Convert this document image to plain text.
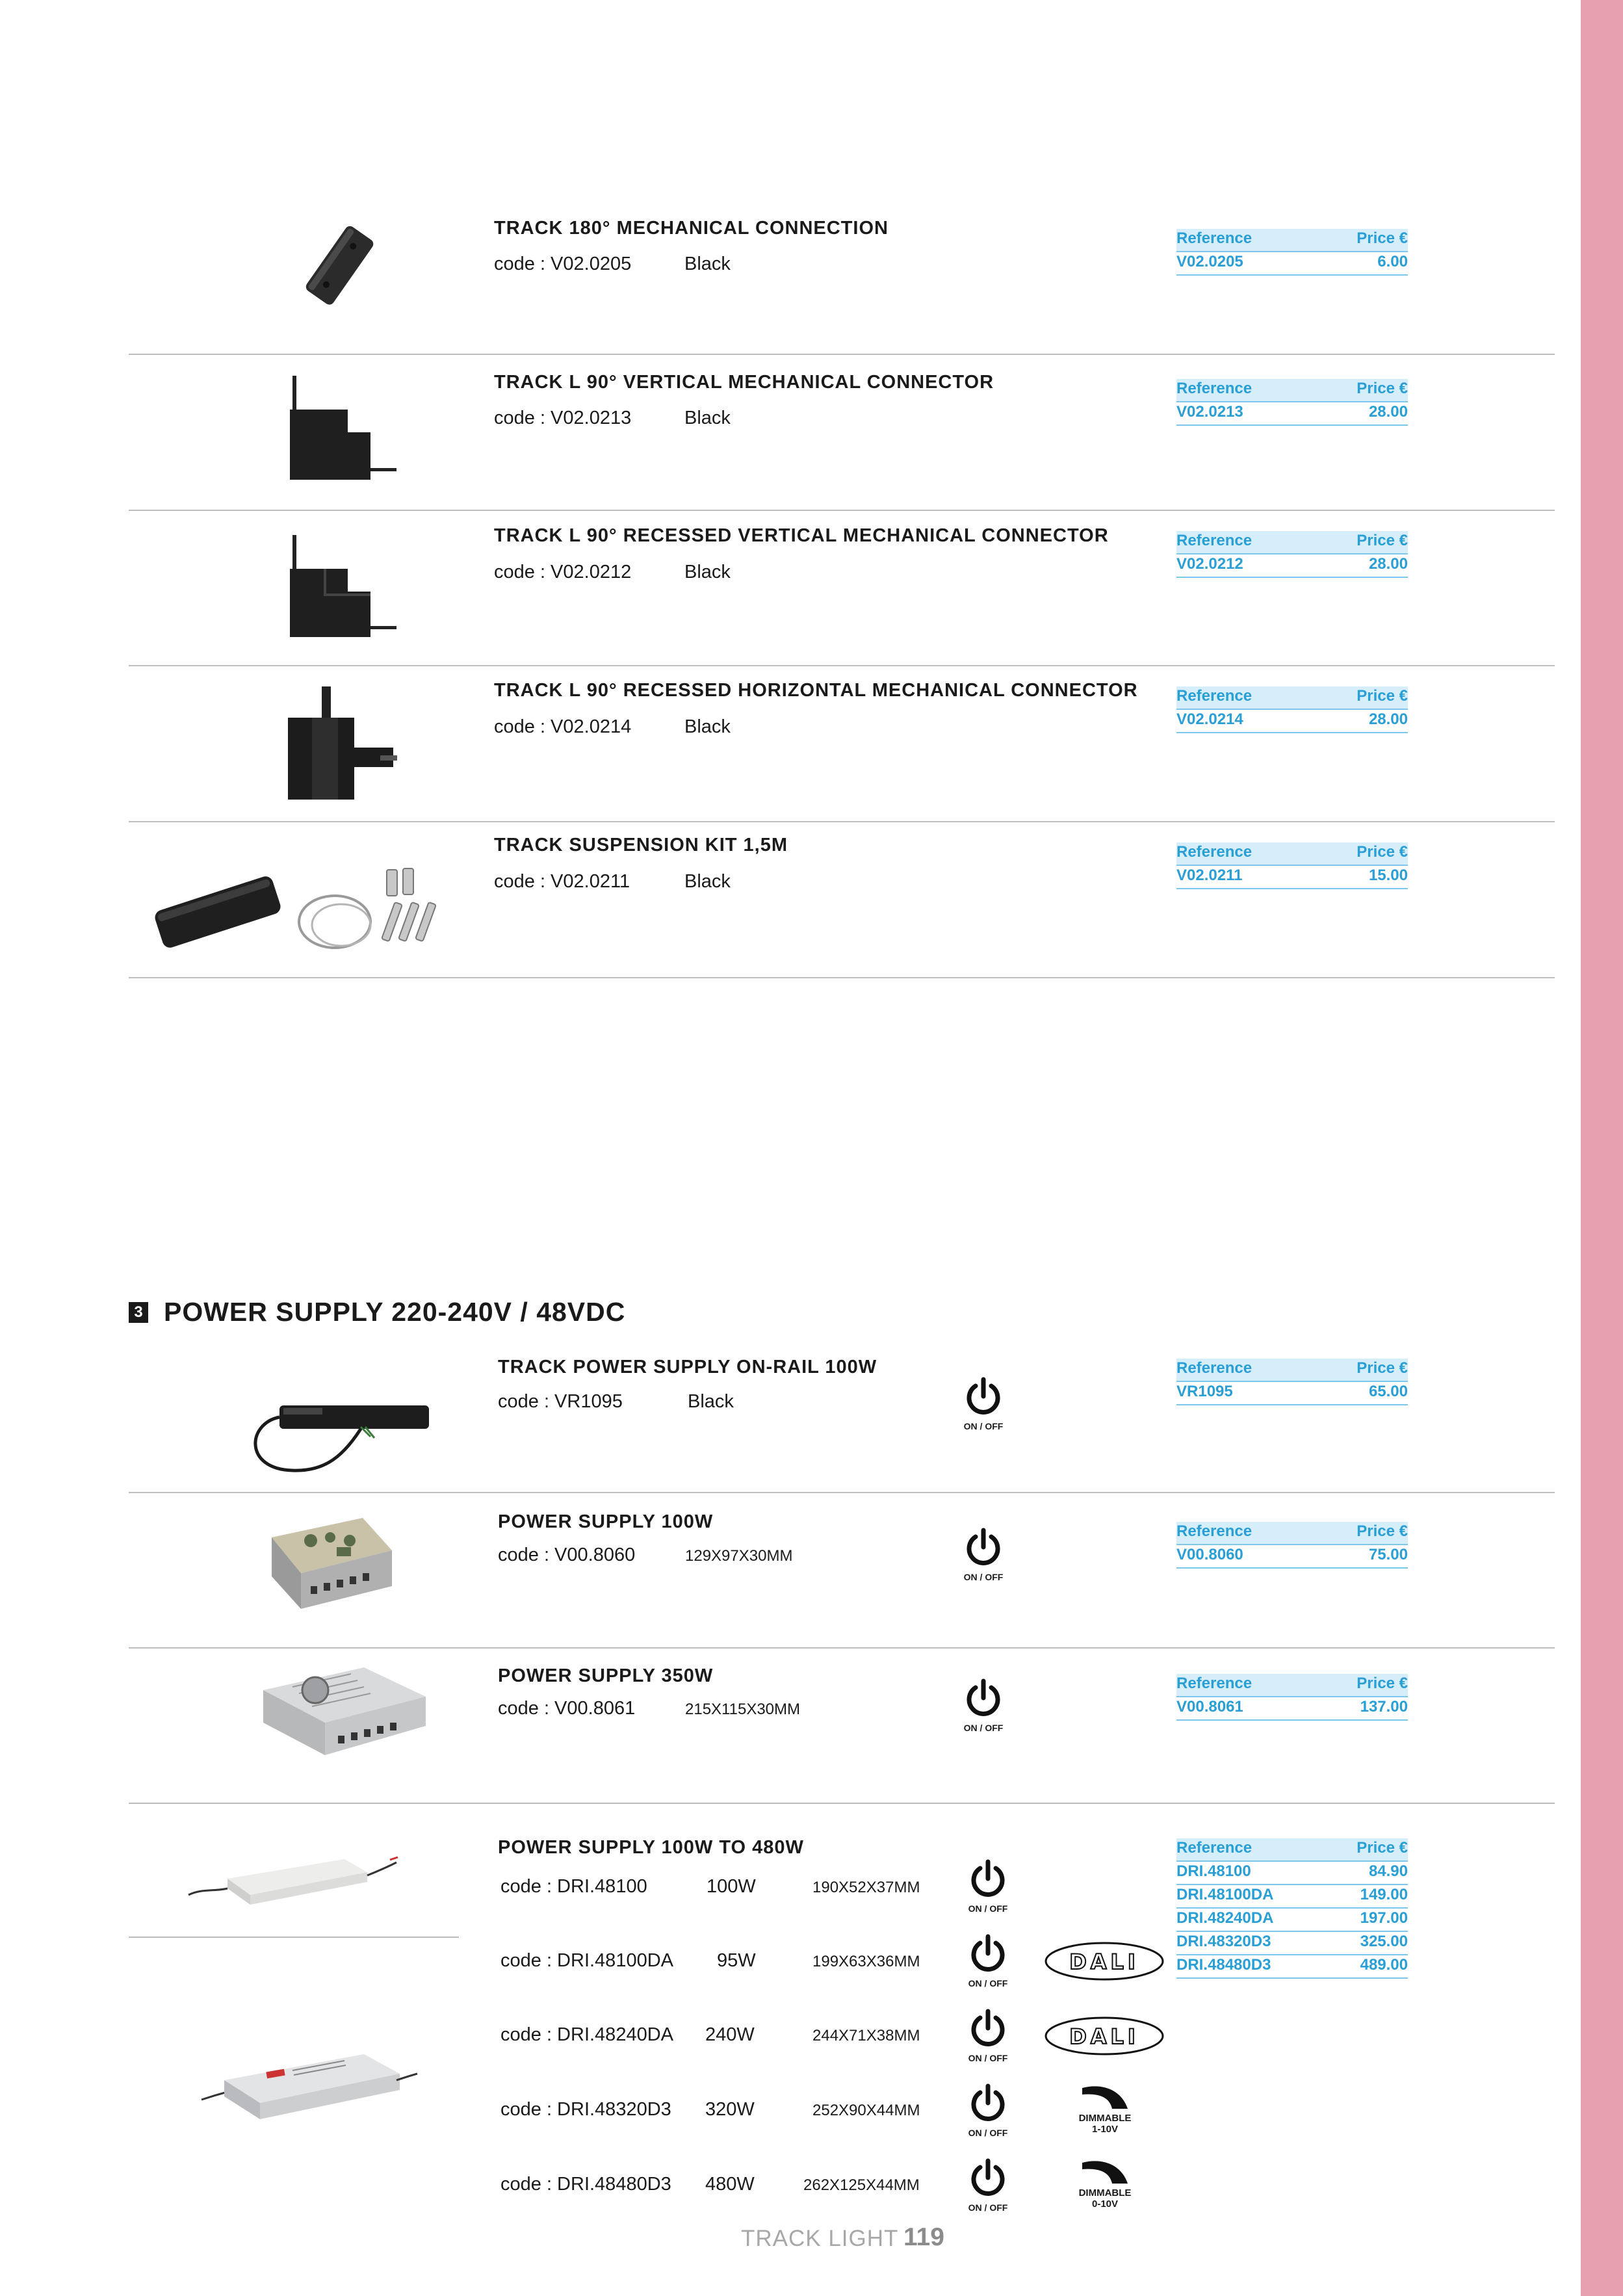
TRACK 180° MECHANICAL CONNECTION
code : V02.0205	Black
Reference	Price €
V02.0205	6.00
TRACK L 90° VERTICAL MECHANICAL CONNECTOR
code : V02.0213	Black
Reference	Price €
V02.0213	28.00
TRACK L 90° RECESSED VERTICAL MECHANICAL CONNECTOR
code : V02.0212	Black
Reference	Price €
V02.0212	28.00
TRACK L 90° RECESSED HORIZONTAL MECHANICAL CONNECTOR
code : V02.0214	Black
Reference	Price €
V02.0214	28.00
TRACK SUSPENSION KIT 1,5M
code : V02.0211	Black
Reference	Price €
V02.0211	15.00
3 POWER SUPPLY 220-240V / 48VDC
TRACK POWER SUPPLY ON-RAIL 100W
code : VR1095	Black
ON / OFF
Reference	Price €
VR1095	65.00
POWER SUPPLY 100W
code : V00.8060	129X97X30MM
ON / OFF
Reference	Price €
V00.8060	75.00
POWER SUPPLY 350W
code : V00.8061	215X115X30MM
ON / OFF
Reference	Price €
V00.8061	137.00
POWER SUPPLY 100W TO 480W
code : DRI.48100	100W	190X52X37MM
ON / OFF
code : DRI.48100DA 95W	199X63X36MM
ON / OFF
DALI
code : DRI.48240DA 240W	244X71X38MM
ON / OFF
DALI
code : DRI.48320D3 320W	252X90X44MM
ON / OFF
DIMMABLE
1-10V
code : DRI.48480D3 480W	262X125X44MM
ON / OFF
DIMMABLE
0-10V
Reference	Price €
DRI.48100	84.90
DRI.48100DA	149.00
DRI.48240DA	197.00
DRI.48320D3	325.00
DRI.48480D3	489.00
TRACK LIGHT 119
